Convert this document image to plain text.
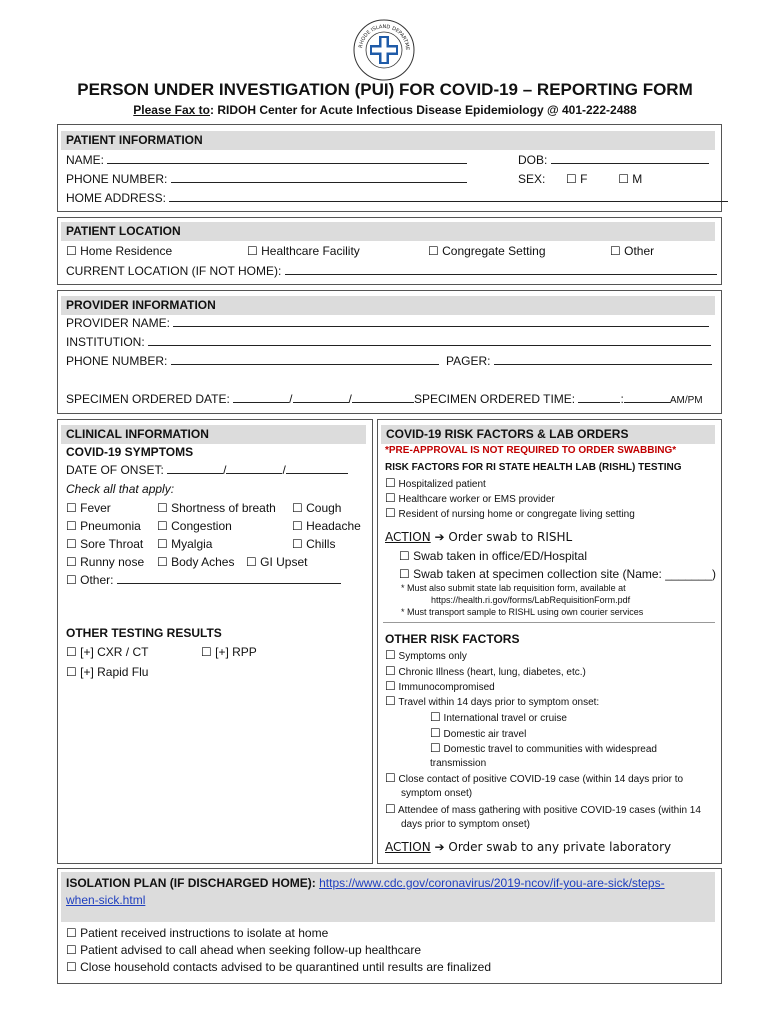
RHODE ISLAND DEPARTME
PERSON UNDER INVESTIGATION (PUI) FOR COVID-19 – REPORTING FORM
Please Fax to: RIDOH Center for Acute Infectious Disease Epidemiology @ 401-222-2488
PATIENT INFORMATION
NAME:	DOB:
PHONE NUMBER:	SEX: ☐ F	☐ M
HOME ADDRESS:
PATIENT LOCATION
☐ Home Residence	☐ Healthcare Facility	☐ Congregate Setting	☐ Other
CURRENT LOCATION (IF NOT HOME):
PROVIDER INFORMATION
PROVIDER NAME:
INSTITUTION:
PHONE NUMBER:	PAGER:
SPECIMEN ORDERED DATE:	/	/	SPECIMEN ORDERED TIME:	:	AM/PM
CLINICAL INFORMATION
COVID-19 SYMPTOMS
DATE OF ONSET:	/	/
Check all that apply:
☐ Fever	☐ Shortness of breath ☐ Cough
☐ Pneumonia ☐ Congestion	☐ Headache
☐ Sore Throat ☐ Myalgia	☐ Chills
☐ Runny nose ☐ Body Aches ☐ GI Upset
☐ Other:
OTHER TESTING RESULTS
☐ [+] CXR / CT	☐ [+] RPP
☐ [+] Rapid Flu
COVID-19 RISK FACTORS & LAB ORDERS
*PRE-APPROVAL IS NOT REQUIRED TO ORDER SWABBING*
RISK FACTORS FOR RI STATE HEALTH LAB (RISHL) TESTING
☐ Hospitalized patient
☐ Healthcare worker or EMS provider
☐ Resident of nursing home or congregate living setting
ACTION ➔ Order swab to RISHL
☐ Swab taken in office/ED/Hospital
☐ Swab taken at specimen collection site (Name: _______)
* Must also submit state lab requisition form, available at
https://health.ri.gov/forms/LabRequisitionForm.pdf
* Must transport sample to RISHL using own courier services
OTHER RISK FACTORS
☐ Symptoms only
☐ Chronic Illness (heart, lung, diabetes, etc.)
☐ Immunocompromised
☐ Travel within 14 days prior to symptom onset:
☐ International travel or cruise
☐ Domestic air travel
☐ Domestic travel to communities with widespread
transmission
☐ Close contact of positive COVID-19 case (within 14 days prior to
symptom onset)
☐ Attendee of mass gathering with positive COVID-19 cases (within 14
days prior to symptom onset)
ACTION ➔ Order swab to any private laboratory
ISOLATION PLAN (IF DISCHARGED HOME): https://www.cdc.gov/coronavirus/2019-ncov/if-you-are-sick/steps-
when-sick.html
☐ Patient received instructions to isolate at home
☐ Patient advised to call ahead when seeking follow-up healthcare
☐ Close household contacts advised to be quarantined until results are finalized
